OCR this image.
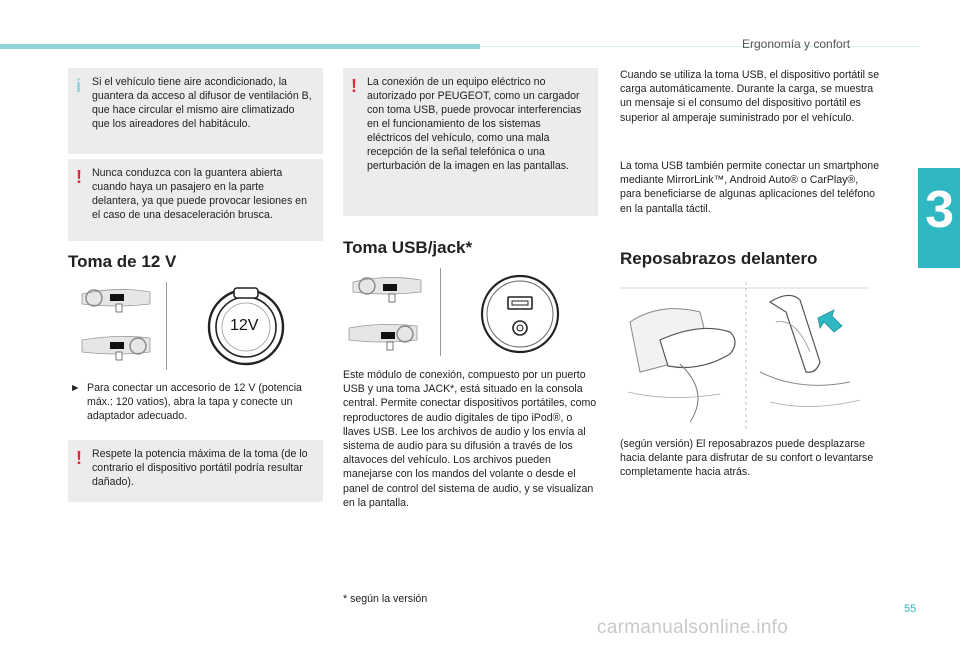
Ergonomía y confort
3
i Si el vehículo tiene aire acondicionado, la guantera da acceso al difusor de ventilación B, que hace circular el mismo aire climatizado que los aireadores del habitáculo.
! Nunca conduzca con la guantera abierta cuando haya un pasajero en la parte delantera, ya que puede provocar lesiones en el caso de una desaceleración brusca.
Toma de 12 V
12V
► Para conectar un accesorio de 12 V (potencia máx.: 120 vatios), abra la tapa y conecte un adaptador adecuado.
! Respete la potencia máxima de la toma (de lo contrario el dispositivo portátil podría resultar dañado).
! La conexión de un equipo eléctrico no autorizado por PEUGEOT, como un cargador con toma USB, puede provocar interferencias en el funcionamiento de los sistemas eléctricos del vehículo, como una mala recepción de la señal telefónica o una perturbación de la imagen en las pantallas.
Toma USB/jack*
Este módulo de conexión, compuesto por un puerto USB y una toma JACK*, está situado en la consola central. Permite conectar dispositivos portátiles, como reproductores de audio digitales de tipo iPod®, o llaves USB. Lee los archivos de audio y los envía al sistema de audio para su difusión a través de los altavoces del vehículo. Los archivos pueden manejarse con los mandos del volante o desde el panel de control del sistema de audio, y se visualizan en la pantalla.
* según la versión
Cuando se utiliza la toma USB, el dispositivo portátil se carga automáticamente. Durante la carga, se muestra un mensaje si el consumo del dispositivo portátil es superior al amperaje suministrado por el vehículo.
La toma USB también permite conectar un smartphone mediante MirrorLink™, Android Auto® o CarPlay®, para beneficiarse de algunas aplicaciones del teléfono en la pantalla táctil.
Reposabrazos delantero
(según versión) El reposabrazos puede desplazarse hacia delante para disfrutar de su confort o levantarse completamente hacia atrás.
55
carmanualsonline.info
